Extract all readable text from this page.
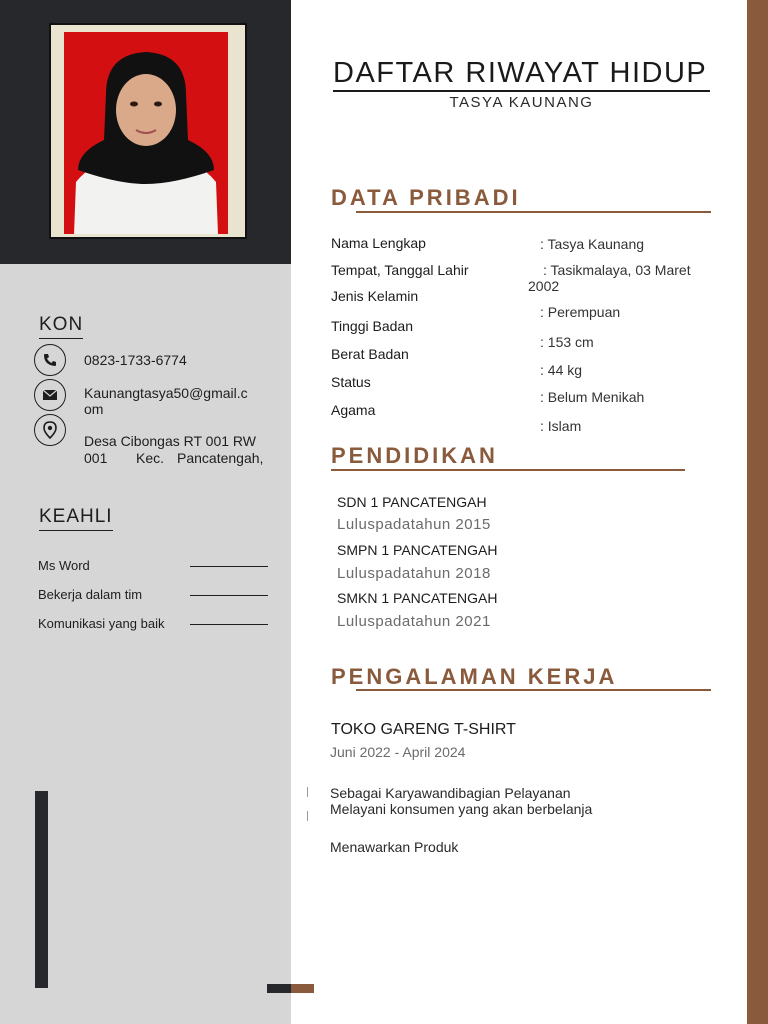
KON
0823-1733-6774
Kaunangtasya50@gmail.c
om
Desa Cibongas RT 001 RW
001 Kec. Pancatengah,
KEAHLI
Ms Word
Bekerja dalam tim
Komunikasi yang baik
DAFTAR RIWAYAT HIDUP
TASYA KAUNANG
DATA PRIBADI
Nama Lengkap	: Tasya Kaunang
Tempat, Tanggal Lahir	: Tasikmalaya, 03 Maret
2002
Jenis Kelamin
: Perempuan
Tinggi Badan
: 153 cm
Berat Badan
: 44 kg
Status
: Belum Menikah
Agama
: Islam
PENDIDIKAN
SDN 1 PANCATENGAH
Luluspadatahun 2015
SMPN 1 PANCATENGAH
Luluspadatahun 2018
SMKN 1 PANCATENGAH
Luluspadatahun 2021
PENGALAMAN KERJA
TOKO GARENG T-SHIRT
Juni 2022 - April 2024
Sebagai Karyawandibagian Pelayanan
Melayani konsumen yang akan berbelanja
Menawarkan Produk
